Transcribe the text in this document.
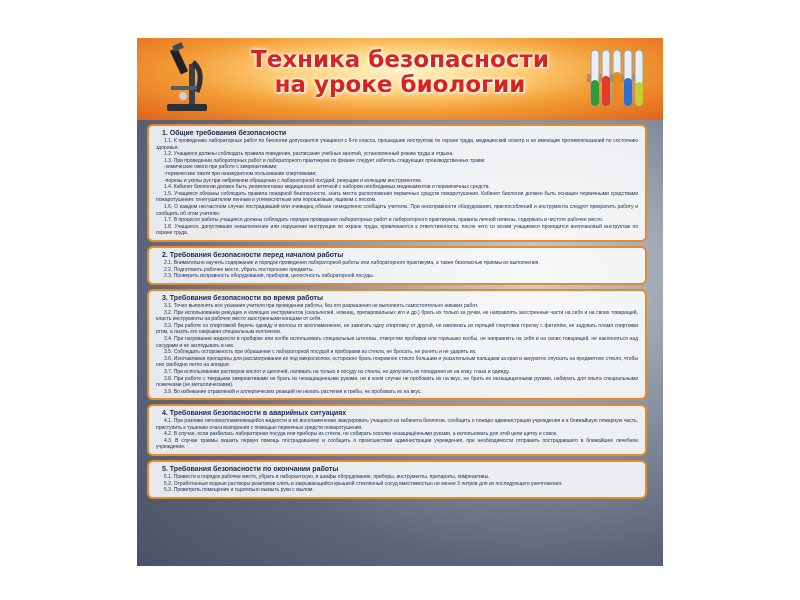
Техника безопасности
на уроке биологии
1. Общие требования безопасности
1.1. К проведению лабораторных работ по биологии допускаются учащиеся с 6-го класса, прошедшие инструктаж по охране труда, медицинский осмотр и не имеющие противопоказаний по состоянию здоровья.
1.2. Учащиеся должны соблюдать правила поведения, расписание учебных занятий, установленный режим труда и отдыха.
1.3. При проведении лабораторных работ и лабораторного практикума по физике следует избегать следующих производственных травм:
-химические ожоги при работе с химреактивами;
-термические ожоги при неаккуратном пользовании спиртовками;
-порезы и уколы рук при небрежном обращении с лабораторной посудой, режущим и колющим инструментом.
1.4. Кабинет биологии должен быть укомплектован медицинской аптечкой с набором необходимых медикаментов и перевязочных средств.
1.5. Учащиеся обязаны соблюдать правила пожарной безопасности, знать места расположения первичных средств пожаротушения. Кабинет биологии должен быть оснащен первичными средствами пожаротушения: огнетушителем пенным и углекислотным или порошковым, ящиком с песком.
1.6. О каждом несчастном случае пострадавший или очевидец обязан немедленно сообщить учителю. При неисправности оборудования, приспособлений и инструмента следует прекратить работу и сообщить об этом учителю.
1.7. В процессе работы учащиеся должны соблюдать порядок проведения лабораторных работ и лабораторного практикума, правила личной гигиены, содержать в чистоте рабочее место.
1.8. Учащиеся, допустившие невыполнение или нарушение инструкции по охране труда, привлекаются к ответственности, после чего со всеми учащимися проводится внеплановый инструктаж по охране труда.
2. Требования безопасности перед началом работы
2.1. Внимательно изучить содержание и порядок проведения лабораторной работы или лабораторного практикума, а также безопасные приемы их выполнения.
2.2. Подготовить рабочее место, убрать посторонние предметы.
2.3. Проверить исправность оборудования, приборов, целостность лабораторной посуды.
3. Требования безопасности во время работы
3.1. Точно выполнять все указания учителя при проведении работы, без его разрешения не выполнять самостоятельно никаких работ.
3.2. При использовании режущих и колющих инструментов (скальпелей, ножниц, препаровальных игл и др.) брать их только за ручки, не направлять заостренные части на себя и на своих товарищей, класть инструменты на рабочее место заостренными концами от себя.
3.3. При работе со спиртовкой беречь одежду и волосы от воспламенения, не зажигать одну спиртовку от другой, не извлекать из горящей спиртовки горелку с фитилём, не задувать пламя спиртовки ртом, а гасить его накрывая специальным колпачком.
3.4. При нагревании жидкости в пробирке или колбе использовать специальные штативы, отверстие пробирки или горлышко колбы, не направлять на себя и на своих товарищей, не наклоняться над сосудами и не заглядывать в них.
3.5. Соблюдать осторожность при обращении с лабораторной посудой и приборами из стекла, не бросать, не ронять и не ударять их.
3.6. Изготавливая препараты для рассматривания их под микроскопом, осторожно брать покровное стекло большим и указательным пальцами за края и аккуратно опускать на предметное стекло, чтобы оно свободно легло на аппарат.
3.7. При использовании растворов кислот и щелочей, наливать на только в посуду из стекла, не допускать их попадания их на кожу, глаза и одежду.
3.8. При работе с твердыми химреактивами не брать их незащищенными руками, ни в коем случае не пробовать их на вкус, не брать их незащищенными руками, набирать для опыта специальными ложечками (не металлическими).
3.9. Во избежание отравлений и аллергических реакций не нюхать растения и грибы, не пробовать их на вкус.
4. Требования безопасности в аварийных ситуациях
4.1. При разливе легковоспламеняющейся жидкости и её воспламенении эвакуировать учащихся из кабинета биологии, сообщить о пожаре администрации учреждения и в ближайшую пожарную часть, приступить к тушению очага возгорания с помощью первичных средств пожаротушения.
4.2. В случае, если разбилась лабораторная посуда или приборы из стекла, не собирать осколки незащищёнными руками, а использовать для этой цели щетку и совок.
4.3. В случае травмы оказать первую помощь пострадавшему и сообщить о происшествии администрации учреждения, при необходимости отправить пострадавшего в ближайшее лечебное учреждение.
5. Требования безопасности по окончании работы
5.1. Привести в порядок рабочее место, убрать в лаборантскую, в шкафы оборудование, приборы, инструменты, препараты, химреактивы.
5.2. Отработанные водные растворы реактивов слить в закрывающийся крышкой стеклянный сосуд вместимостью не менее 3 литров для их последующего уничтожения.
5.3. Проветрить помещение и тщательно вымыть руки с мылом.
